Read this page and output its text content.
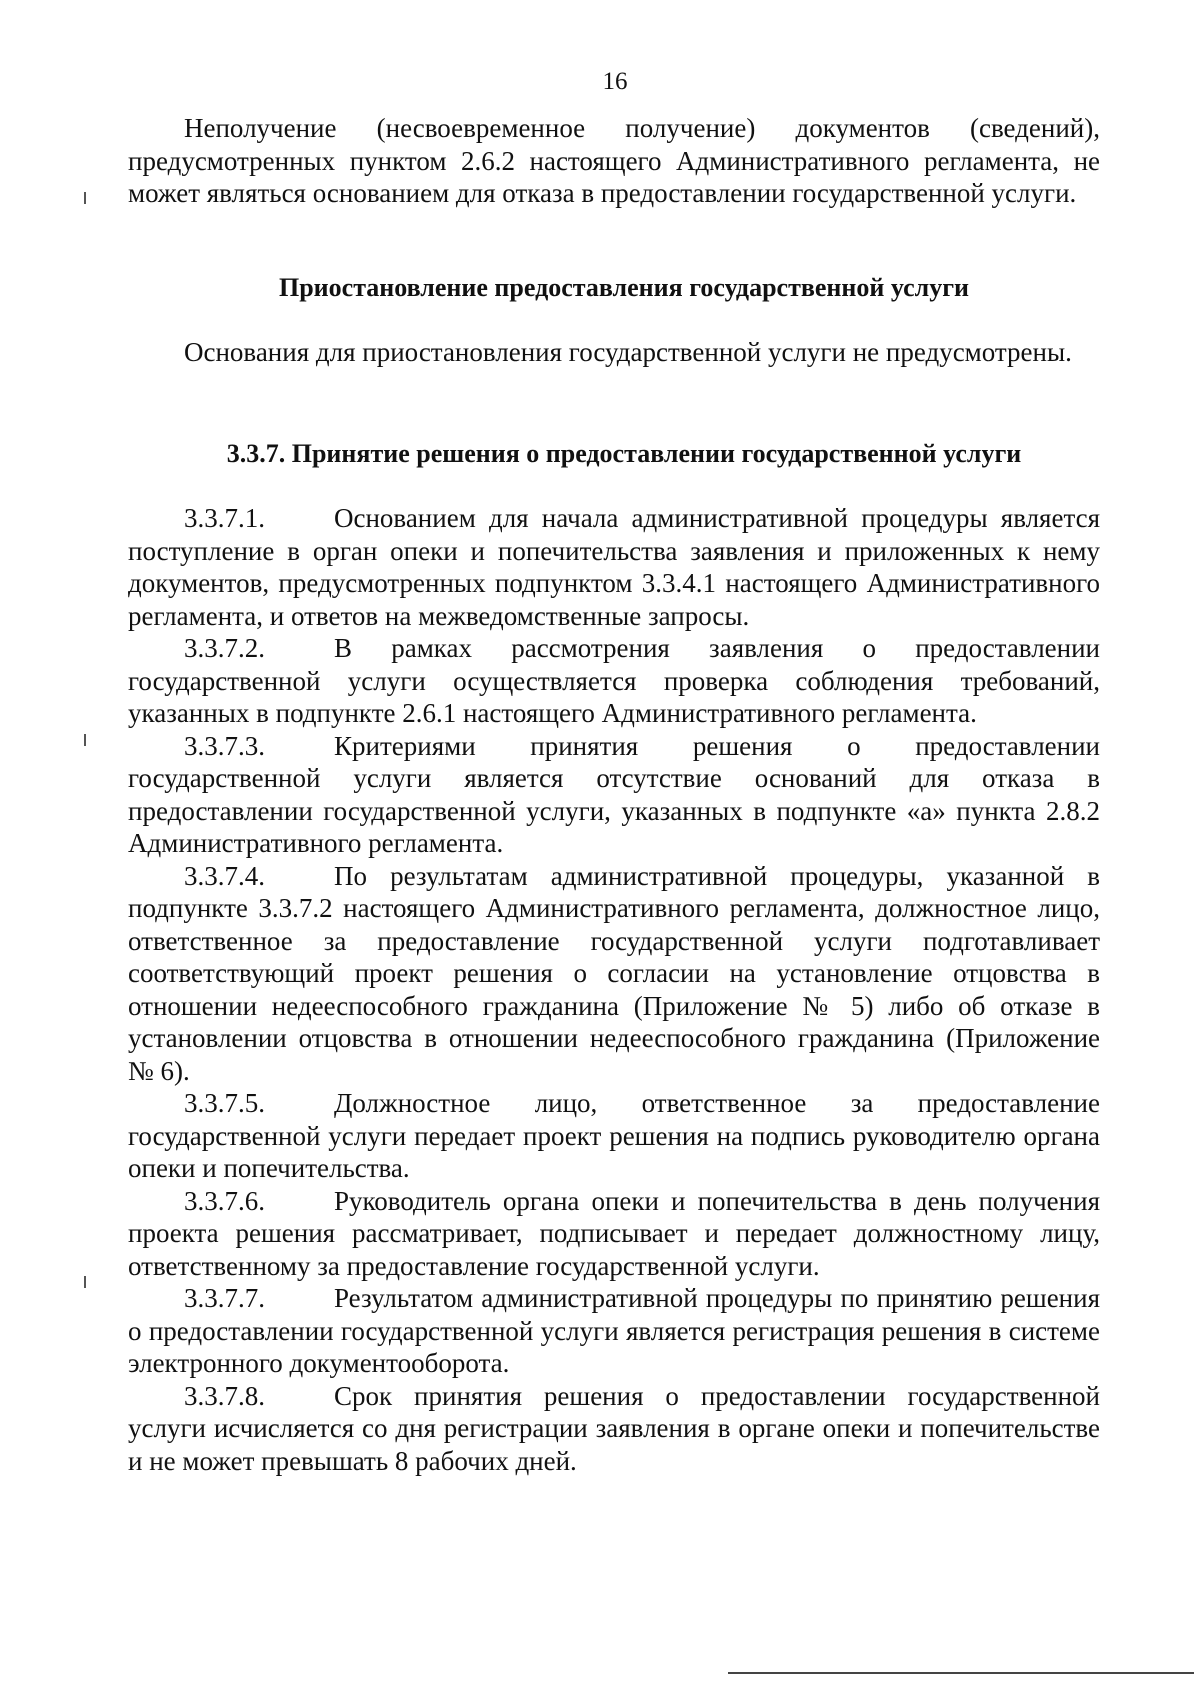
16

Неполучение (несвоевременное получение) документов (сведений), предусмотренных пунктом 2.6.2 настоящего Административного регламента, не может являться основанием для отказа в предоставлении государственной услуги.

Приостановление предоставления государственной услуги

Основания для приостановления государственной услуги не предусмотрены.

3.3.7. Принятие решения о предоставлении государственной услуги

3.3.7.1.	Основанием для начала административной процедуры является поступление в орган опеки и попечительства заявления и приложенных к нему документов, предусмотренных подпунктом 3.3.4.1 настоящего Административного регламента, и ответов на межведомственные запросы.

3.3.7.2.	В рамках рассмотрения заявления о предоставлении государственной услуги осуществляется проверка соблюдения требований, указанных в подпункте 2.6.1 настоящего Административного регламента.

3.3.7.3.	Критериями принятия решения о предоставлении государственной услуги является отсутствие оснований для отказа в предоставлении государственной услуги, указанных в подпункте «а» пункта 2.8.2 Административного регламента.

3.3.7.4.	По результатам административной процедуры, указанной в подпункте 3.3.7.2 настоящего Административного регламента, должностное лицо, ответственное за предоставление государственной услуги подготавливает соответствующий проект решения о согласии на установление отцовства в отношении недееспособного гражданина (Приложение № 5) либо об отказе в установлении отцовства в отношении недееспособного гражданина (Приложение № 6).

3.3.7.5.	Должностное лицо, ответственное за предоставление государственной услуги передает проект решения на подпись руководителю органа опеки и попечительства.

3.3.7.6.	Руководитель органа опеки и попечительства в день получения проекта решения рассматривает, подписывает и передает должностному лицу, ответственному за предоставление государственной услуги.

3.3.7.7.	Результатом административной процедуры по принятию решения о предоставлении государственной услуги является регистрация решения в системе электронного документооборота.

3.3.7.8.	Срок принятия решения о предоставлении государственной услуги исчисляется со дня регистрации заявления в органе опеки и попечительстве и не может превышать 8 рабочих дней.
